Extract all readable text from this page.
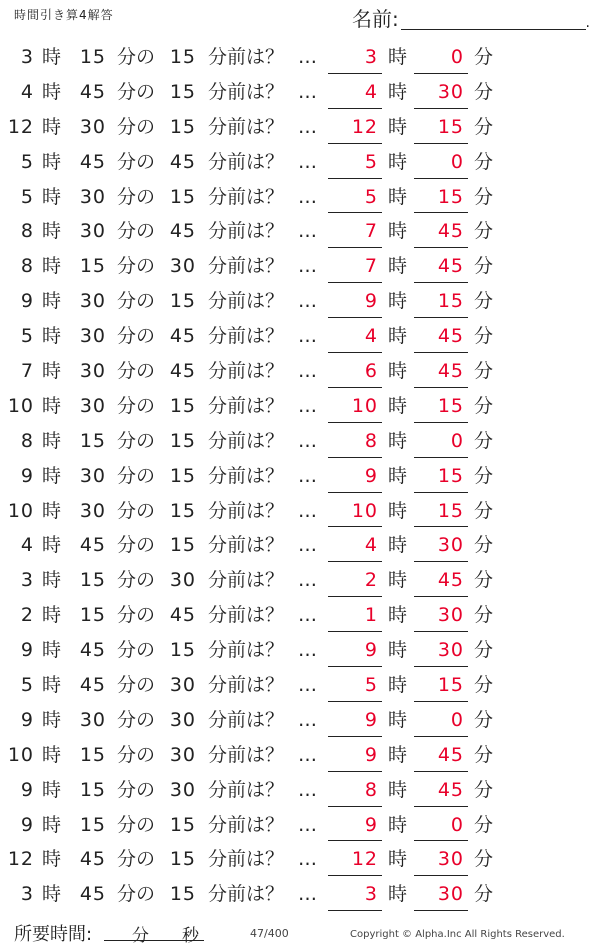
時間引き算4解答	名前:	.
3 時 15 分の 15 分前は？ …	3 時	0 分
4 時 45 分の 15 分前は？ …	4 時	30 分
12 時 30 分の 15 分前は？ …	12 時	15 分
5 時 45 分の 45 分前は？ …	5 時	0 分
5 時 30 分の 15 分前は？ …	5 時	15 分
8 時 30 分の 45 分前は？ …	7 時	45 分
8 時 15 分の 30 分前は？ …	7 時	45 分
9 時 30 分の 15 分前は？ …	9 時	15 分
5 時 30 分の 45 分前は？ …	4 時	45 分
7 時 30 分の 45 分前は？ …	6 時	45 分
10 時 30 分の 15 分前は？ …	10 時	15 分
8 時 15 分の 15 分前は？ …	8 時	0 分
9 時 30 分の 15 分前は？ …	9 時	15 分
10 時 30 分の 15 分前は？ …	10 時	15 分
4 時 45 分の 15 分前は？ …	4 時	30 分
3 時 15 分の 30 分前は？ …	2 時	45 分
2 時 15 分の 45 分前は？ …	1 時	30 分
9 時 45 分の 15 分前は？ …	9 時	30 分
5 時 45 分の 30 分前は？ …	5 時	15 分
9 時 30 分の 30 分前は？ …	9 時	0 分
10 時 15 分の 30 分前は？ …	9 時	45 分
9 時 15 分の 30 分前は？ …	8 時	45 分
9 時 15 分の 15 分前は？ …	9 時	0 分
12 時 45 分の 15 分前は？ …	12 時	30 分
3 時 45 分の 15 分前は？ …	3 時	30 分
所要時間: 分 秒	47/400	Copyright © Alpha.Inc All Rights Reserved.
